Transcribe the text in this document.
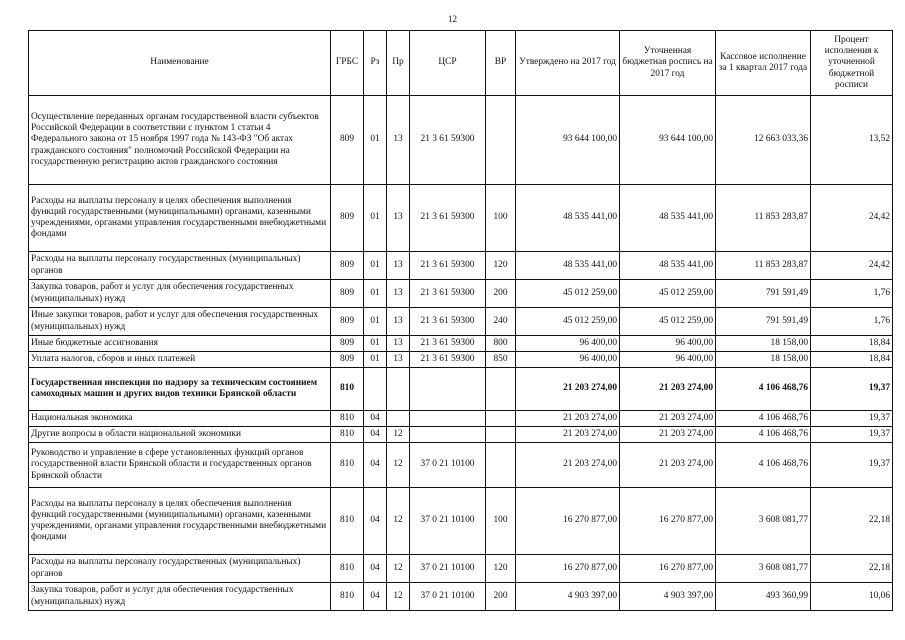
12
Наименование	ГРБС	Рз	Пр	ЦСР	ВР	Утверждено на 2017 год	Уточненная бюджетная роспись на 2017 год	Кассовое исполнение за 1 квартал 2017 года	Процент исполнения к уточненной бюджетной росписи
Осуществление переданных органам государственной власти субъектов Российской Федерации в соответствии с пунктом 1 статьи 4 Федерального закона от 15 ноября 1997 года № 143-ФЗ "Об актах гражданского состояния" полномочий Российской Федерации на государственную регистрацию актов гражданского состояния	809	01	13	21 3 61 59300		93 644 100,00	93 644 100,00	12 663 033,36	13,52
Расходы на выплаты персоналу в целях обеспечения выполнения функций государственными (муниципальными) органами, казенными учреждениями, органами управления государственными внебюджетными фондами	809	01	13	21 3 61 59300	100	48 535 441,00	48 535 441,00	11 853 283,87	24,42
Расходы на выплаты персоналу государственных (муниципальных) органов	809	01	13	21 3 61 59300	120	48 535 441,00	48 535 441,00	11 853 283,87	24,42
Закупка товаров, работ и услуг для обеспечения государственных (муниципальных) нужд	809	01	13	21 3 61 59300	200	45 012 259,00	45 012 259,00	791 591,49	1,76
Иные закупки товаров, работ и услуг для обеспечения государственных (муниципальных) нужд	809	01	13	21 3 61 59300	240	45 012 259,00	45 012 259,00	791 591,49	1,76
Иные бюджетные ассигнования	809	01	13	21 3 61 59300	800	96 400,00	96 400,00	18 158,00	18,84
Уплата налогов, сборов и иных платежей	809	01	13	21 3 61 59300	850	96 400,00	96 400,00	18 158,00	18,84
Государственная инспекция по надзору за техническим состоянием самоходных машин и других видов техники Брянской области	810					21 203 274,00	21 203 274,00	4 106 468,76	19,37
Национальная экономика	810	04				21 203 274,00	21 203 274,00	4 106 468,76	19,37
Другие вопросы в области национальной экономики	810	04	12			21 203 274,00	21 203 274,00	4 106 468,76	19,37
Руководство и управление в сфере установленных функций органов государственной власти Брянской области и государственных органов Брянской области	810	04	12	37 0 21 10100		21 203 274,00	21 203 274,00	4 106 468,76	19,37
Расходы на выплаты персоналу в целях обеспечения выполнения функций государственными (муниципальными) органами, казенными учреждениями, органами управления государственными внебюджетными фондами	810	04	12	37 0 21 10100	100	16 270 877,00	16 270 877,00	3 608 081,77	22,18
Расходы на выплаты персоналу государственных (муниципальных) органов	810	04	12	37 0 21 10100	120	16 270 877,00	16 270 877,00	3 608 081,77	22,18
Закупка товаров, работ и услуг для обеспечения государственных (муниципальных) нужд	810	04	12	37 0 21 10100	200	4 903 397,00	4 903 397,00	493 360,99	10,06
